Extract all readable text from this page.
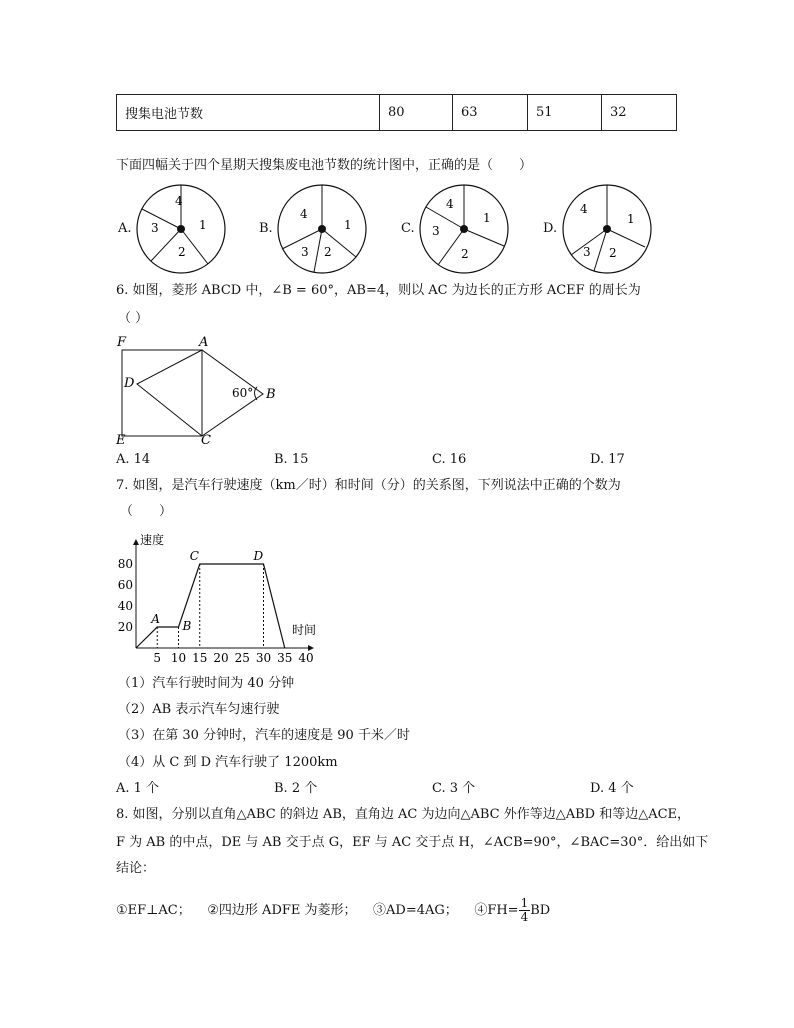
搜集电池节数	80	63	51	32
下面四幅关于四个星期天搜集废电池节数的统计图中，正确的是（　　）
A.	B.	C.	D.
4
1
2
3
4
1
2
3
4
1
2
3
4
1
2
3
6. 如图，菱形 ABCD 中，∠B = 60°，AB=4，则以 AC 为边长的正方形 ACEF 的周长为
（ ）
F	A
D
B
E	C
60°
A. 14	B. 15	C. 16	D. 17
7. 如图，是汽车行驶速度（km／时）和时间（分）的关系图，下列说法中正确的个数为
（　　）
速度
时间
20
40
60
80
5 10 15 20 25 30 35 40
A B
C	D
（1）汽车行驶时间为 40 分钟
（2）AB 表示汽车匀速行驶
（3）在第 30 分钟时，汽车的速度是 90 千米／时
（4）从 C 到 D 汽车行驶了 1200km
A. 1 个	B. 2 个	C. 3 个	D. 4 个
8. 如图，分别以直角△ABC 的斜边 AB，直角边 AC 为边向△ABC 外作等边△ABD 和等边△ACE，
F 为 AB 的中点，DE 与 AB 交于点 G，EF 与 AC 交于点 H，∠ACB=90°，∠BAC=30°．给出如下
结论：
①EF⊥AC； ②四边形 ADFE 为菱形； ③AD=4AG； ④FH= $\frac{1}{4}$ BD
